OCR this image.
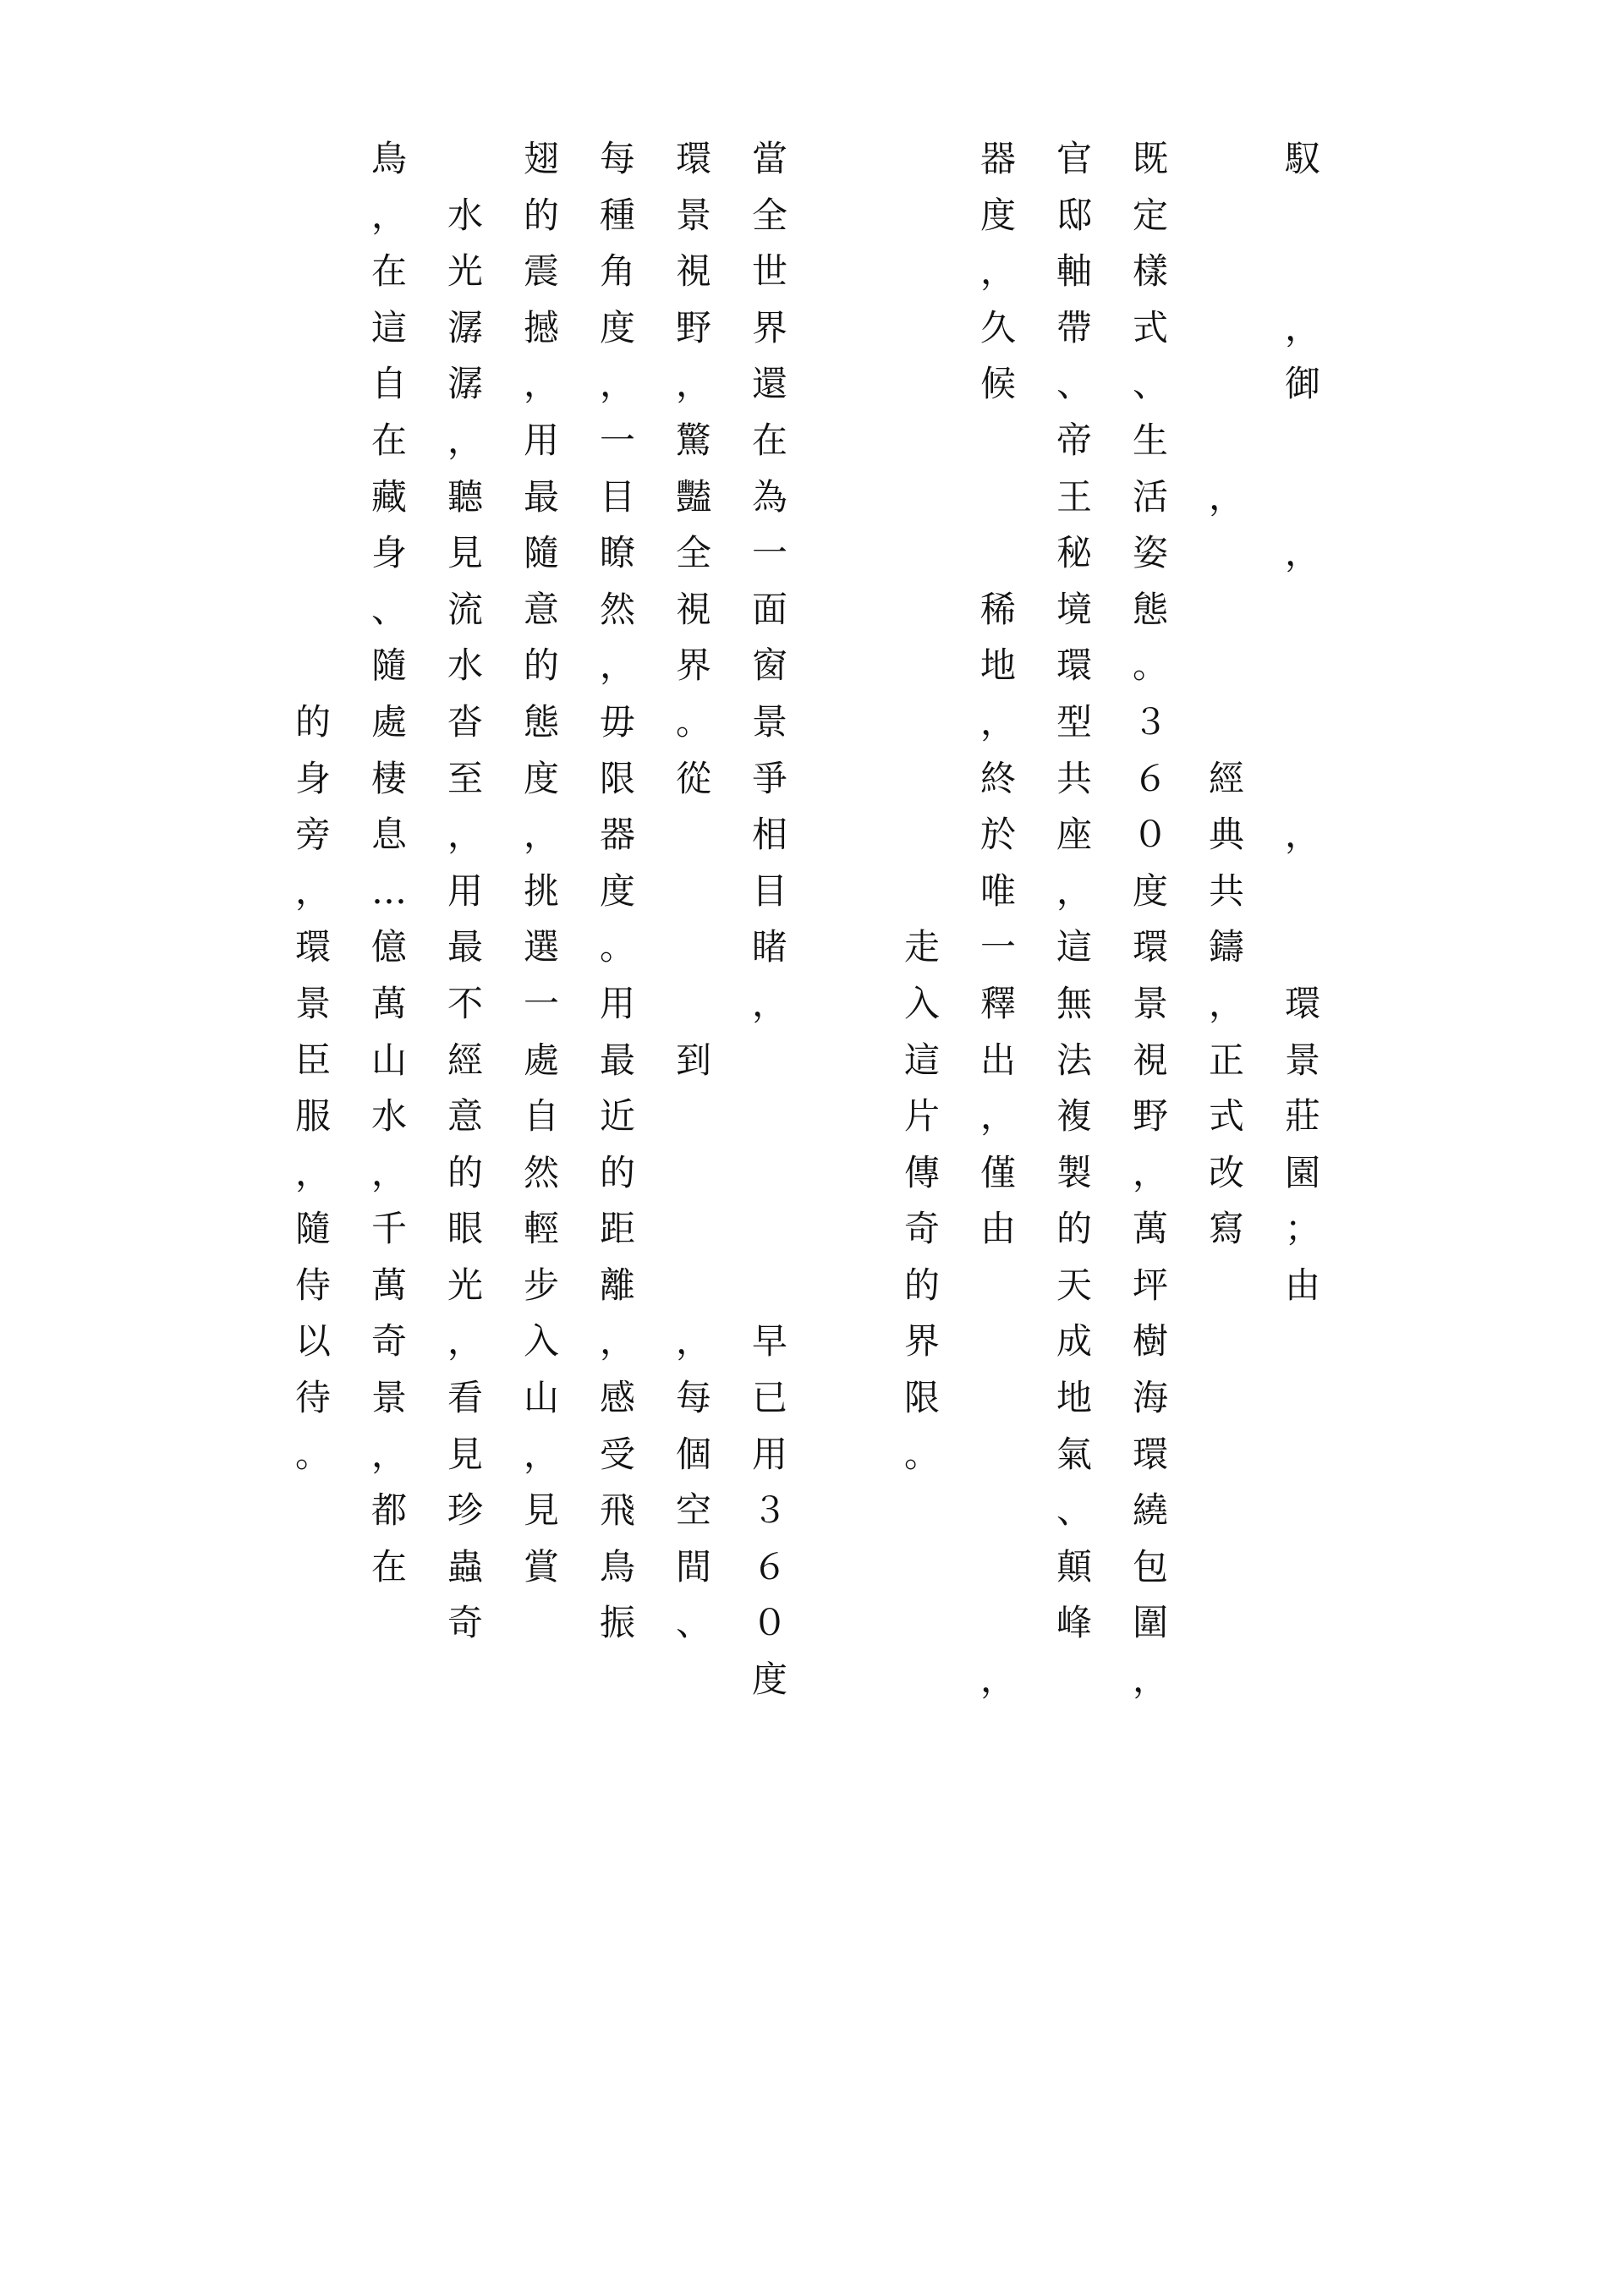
馭

，
御

，

，

環
景
莊
園
；
由

，

經
典
共
鑄
，
正
式
改
寫
既
定
樣
式
、
生
活
姿
態
。
３
６
０
度
環
景
視
野
，
萬
坪
樹
海
環
繞
包
圍
，
官
邸
軸
帶
、
帝
王
秘
境
環
型
共
座
，
這
無
法
複
製
的
天
成
地
氣
、
顛
峰
器
度
，
久
候

稀
地
，
終
於
唯
一
釋
出
，
僅
由

，

走
入
這
片
傳
奇
的
界
限
。
當
全
世
界
還
在
為
一
面
窗
景
爭
相
目
睹
，

早
已
用
３
６
０
度
環
景
視
野
，
驚
豔
全
視
界
。
從

到

，
每
個
空
間
、
每
種
角
度
，
一
目
瞭
然
，
毋
限
器
度
。
用
最
近
的
距
離
，
感
受
飛
鳥
振
翅
的
震
撼
，
用
最
隨
意
的
態
度
，
挑
選
一
處
自
然
輕
步
入
山
，
見
賞

水
光
潺
潺
，
聽
見
流
水
沓
至
，
用
最
不
經
意
的
眼
光
，
看
見
珍
蟲
奇
鳥
，
在
這
自
在
藏
身
、
隨
處
棲
息
…
億
萬
山
水
，
千
萬
奇
景
，
都
在

的
身
旁
，
環
景
臣
服
，
隨
侍
以
待
。
